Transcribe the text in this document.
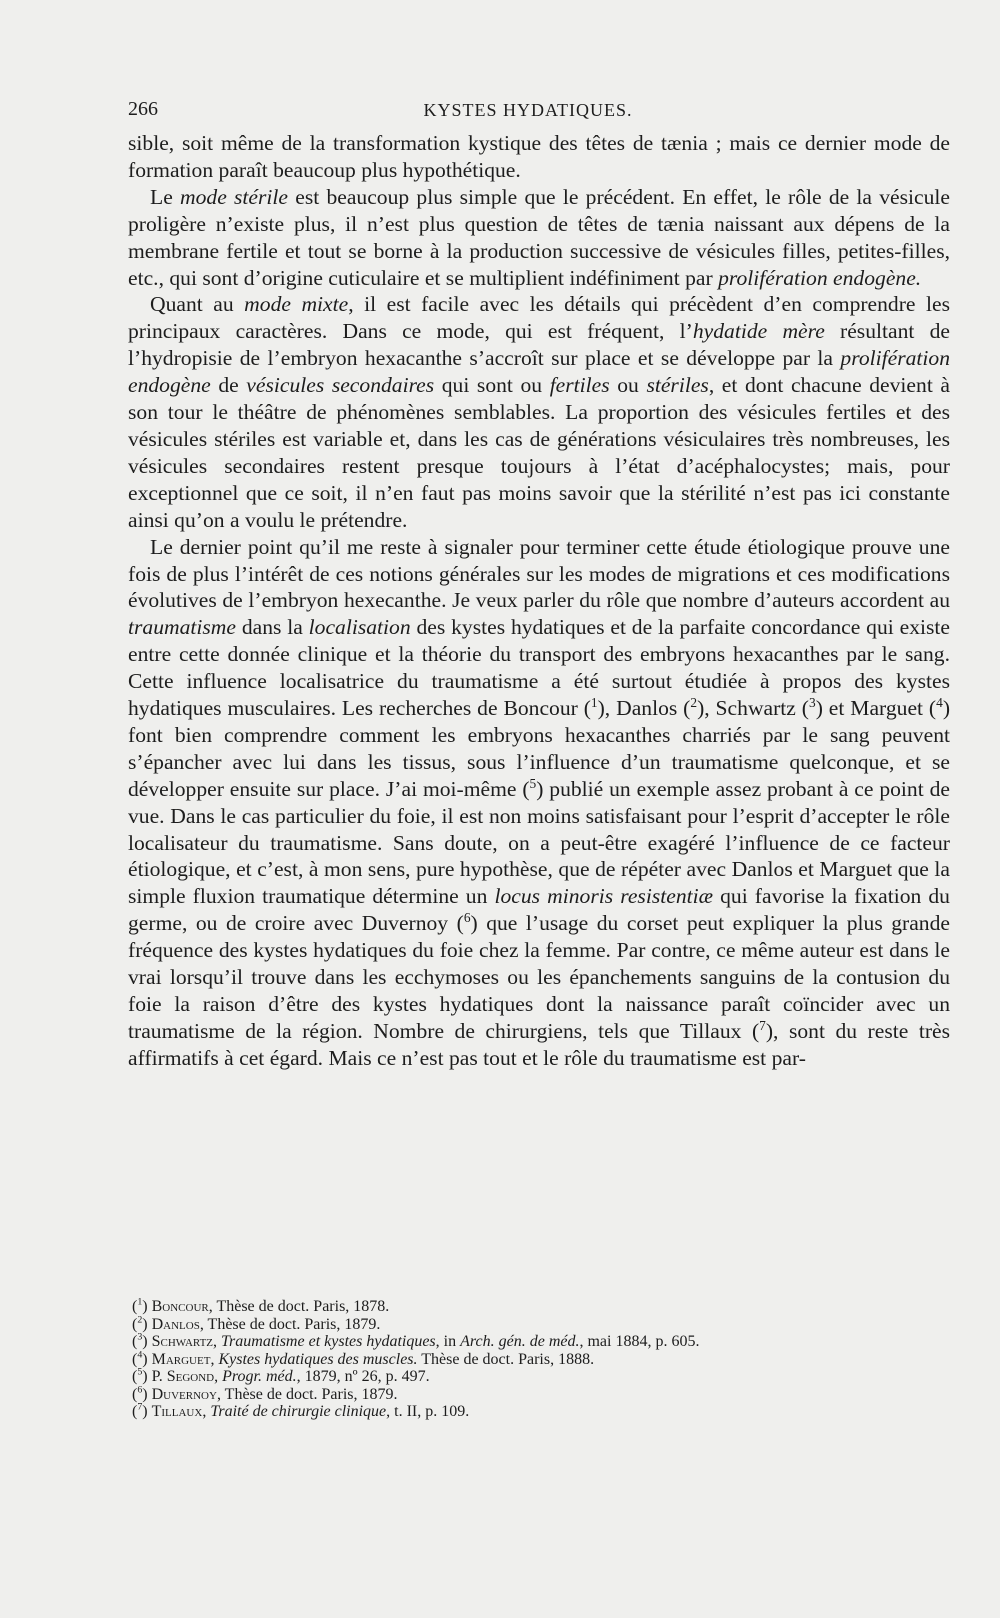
266	KYSTES HYDATIQUES.

sible, soit même de la transformation kystique des têtes de tænia ; mais ce dernier mode de formation paraît beaucoup plus hypothétique.

Le mode stérile est beaucoup plus simple que le précédent. En effet, le rôle de la vésicule proligère n’existe plus, il n’est plus question de têtes de tænia naissant aux dépens de la membrane fertile et tout se borne à la production successive de vésicules filles, petites-filles, etc., qui sont d’origine cuticulaire et se multiplient indéfiniment par prolifération endogène.

Quant au mode mixte, il est facile avec les détails qui précèdent d’en comprendre les principaux caractères. Dans ce mode, qui est fréquent, l’hydatide mère résultant de l’hydropisie de l’embryon hexacanthe s’accroît sur place et se développe par la prolifération endogène de vésicules secondaires qui sont ou fertiles ou stériles, et dont chacune devient à son tour le théâtre de phénomènes semblables. La proportion des vésicules fertiles et des vésicules stériles est variable et, dans les cas de générations vésiculaires très nombreuses, les vésicules secondaires restent presque toujours à l’état d’acéphalocystes; mais, pour exceptionnel que ce soit, il n’en faut pas moins savoir que la stérilité n’est pas ici constante ainsi qu’on a voulu le prétendre.

Le dernier point qu’il me reste à signaler pour terminer cette étude étiologique prouve une fois de plus l’intérêt de ces notions générales sur les modes de migrations et ces modifications évolutives de l’embryon hexecanthe. Je veux parler du rôle que nombre d’auteurs accordent au traumatisme dans la localisation des kystes hydatiques et de la parfaite concordance qui existe entre cette donnée clinique et la théorie du transport des embryons hexacanthes par le sang. Cette influence localisatrice du traumatisme a été surtout étudiée à propos des kystes hydatiques musculaires. Les recherches de Boncour ($^1$), Danlos ($^2$), Schwartz ($^3$) et Marguet ($^4$) font bien comprendre comment les embryons hexacanthes charriés par le sang peuvent s’épancher avec lui dans les tissus, sous l’influence d’un traumatisme quelconque, et se développer ensuite sur place. J’ai moi-même ($^5$) publié un exemple assez probant à ce point de vue. Dans le cas particulier du foie, il est non moins satisfaisant pour l’esprit d’accepter le rôle localisateur du traumatisme. Sans doute, on a peut-être exagéré l’influence de ce facteur étiologique, et c’est, à mon sens, pure hypothèse, que de répéter avec Danlos et Marguet que la simple fluxion traumatique détermine un locus minoris resistentiæ qui favorise la fixation du germe, ou de croire avec Duvernoy ($^6$) que l’usage du corset peut expliquer la plus grande fréquence des kystes hydatiques du foie chez la femme. Par contre, ce même auteur est dans le vrai lorsqu’il trouve dans les ecchymoses ou les épanchements sanguins de la contusion du foie la raison d’être des kystes hydatiques dont la naissance paraît coïncider avec un traumatisme de la région. Nombre de chirurgiens, tels que Tillaux ($^7$), sont du reste très affirmatifs à cet égard. Mais ce n’est pas tout et le rôle du traumatisme est par-

($^1$) Boncour, Thèse de doct. Paris, 1878.
($^2$) Danlos, Thèse de doct. Paris, 1879.
($^3$) Schwartz, Traumatisme et kystes hydatiques, in Arch. gén. de méd., mai 1884, p. 605.
($^4$) Marguet, Kystes hydatiques des muscles. Thèse de doct. Paris, 1888.
($^5$) P. Segond, Progr. méd., 1879, nº 26, p. 497.
($^6$) Duvernoy, Thèse de doct. Paris, 1879.
($^7$) Tillaux, Traité de chirurgie clinique, t. II, p. 109.
